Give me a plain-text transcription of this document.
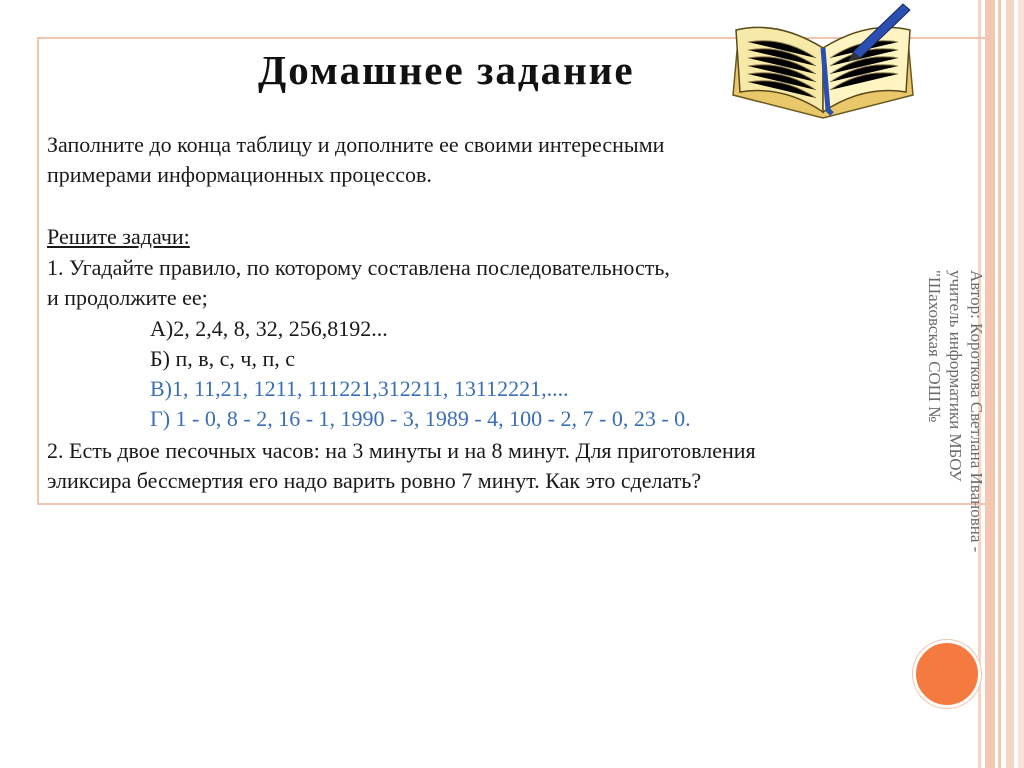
Домашнее задание
Заполните до конца таблицу и дополните ее своими интересными
примерами информационных процессов.
Решите задачи:
1. Угадайте правило, по которому составлена последовательность,
и продолжите ее;
А)2, 2,4, 8, 32, 256,8192...
Б) п, в, с, ч, п, с
В)1, 11,21, 1211, 111221,312211, 13112221,....
Г) 1 - 0, 8 - 2, 16 - 1, 1990 - 3, 1989 - 4, 100 - 2, 7 - 0, 23 - 0.
2. Есть двое песочных часов: на 3 минуты и на 8 минут. Для приготовления
эликсира бессмертия его надо варить ровно 7 минут. Как это сделать?	Автор: Короткова Светлана Ивановна -
учитель информатики МБОУ
"Шаховская СОШ №
